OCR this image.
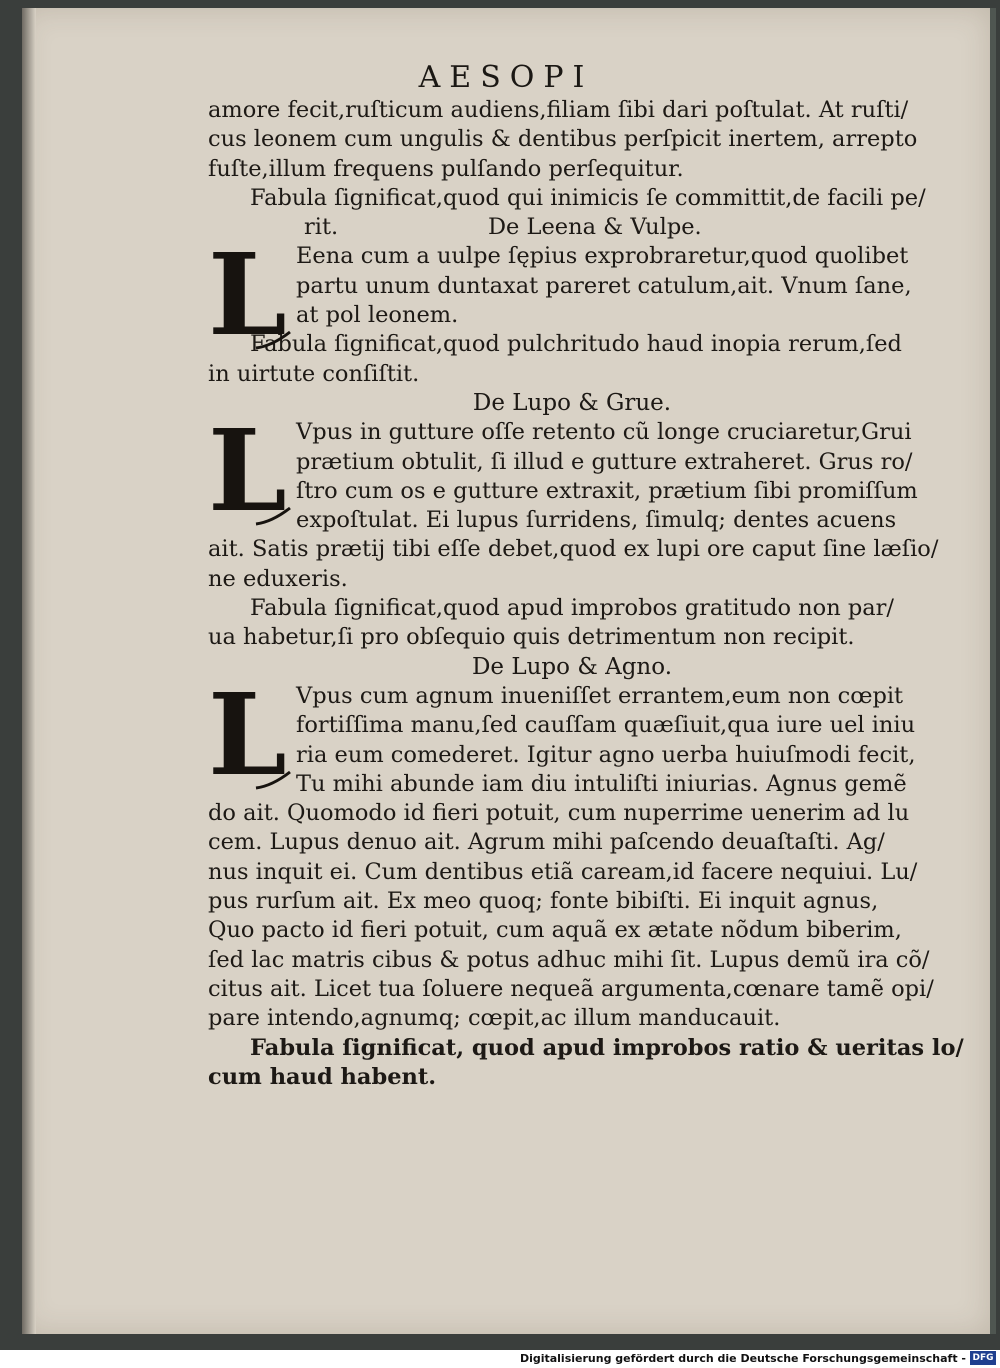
AESOPI
amore fecit,ruſticum audiens,filiam ſibi dari poſtulat. At ruſti/
cus leonem cum ungulis & dentibus perſpicit inertem, arrepto
fuſte,illum frequens pulſando perſequitur.
Fabula ſignificat,quod qui inimicis ſe committit,de facili pe/
rit.	De Leena & Vulpe.
L Eena cum a uulpe ſępius exprobraretur,quod quolibet
partu unum duntaxat pareret catulum,ait. Vnum ſane,
at pol leonem.
Fabula ſignificat,quod pulchritudo haud inopia rerum,ſed
in uirtute conſiſtit.
De Lupo & Grue.
L Vpus in gutture oſſe retento cũ longe cruciaretur,Grui
prætium obtulit, ſi illud e gutture extraheret. Grus ro/
ſtro cum os e gutture extraxit, prætium ſibi promiſſum
expoſtulat. Ei lupus ſurridens, ſimulq; dentes acuens
ait. Satis prætij tibi eſſe debet,quod ex lupi ore caput ſine læſio/
ne eduxeris.
Fabula ſignificat,quod apud improbos gratitudo non par/
ua habetur,ſi pro obſequio quis detrimentum non recipit.
De Lupo & Agno.
L Vpus cum agnum inueniſſet errantem,eum non cœpit
fortiſſima manu,ſed cauſſam quæſiuit,qua iure uel iniu
ria eum comederet. Igitur agno uerba huiuſmodi fecit,
Tu mihi abunde iam diu intuliſti iniurias. Agnus gemẽ
do ait. Quomodo id fieri potuit, cum nuperrime uenerim ad lu
cem. Lupus denuo ait. Agrum mihi paſcendo deuaſtaſti. Ag/
nus inquit ei. Cum dentibus etiã caream,id facere nequiui. Lu/
pus rurſum ait. Ex meo quoq; fonte bibiſti. Ei inquit agnus,
Quo pacto id fieri potuit, cum aquã ex ætate nõdum biberim,
ſed lac matris cibus & potus adhuc mihi ſit. Lupus demũ ira cõ/
citus ait. Licet tua ſoluere nequeã argumenta,cœnare tamẽ opi/
pare intendo,agnumq; cœpit,ac illum manducauit.
Fabula ſignificat, quod apud improbos ratio & ueritas lo/
cum haud habent.
Digitalisierung gefördert durch die Deutsche Forschungsgemeinschaft - DFG
